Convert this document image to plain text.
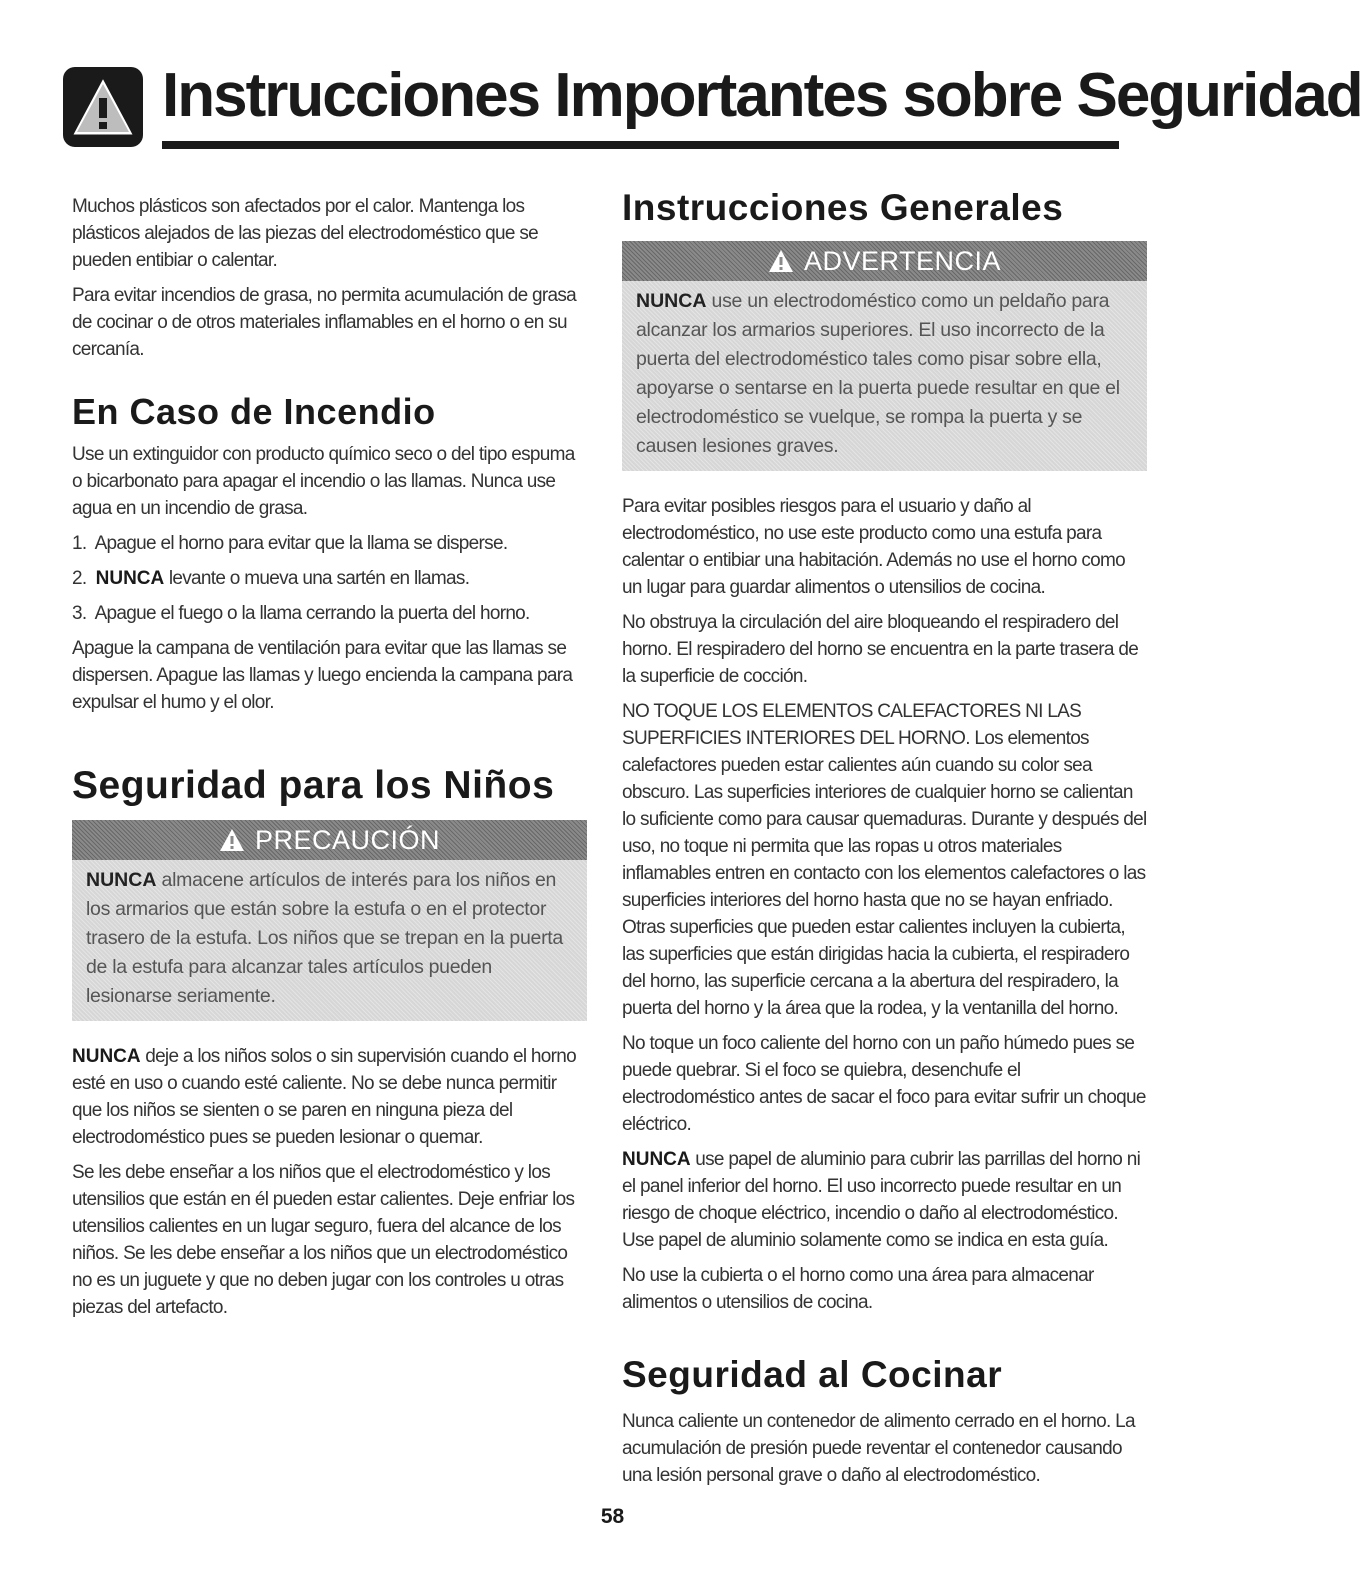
Instrucciones Importantes sobre Seguridad

Muchos plásticos son afectados por el calor. Mantenga los plásticos alejados de las piezas del electrodoméstico que se pueden entibiar o calentar.

Para evitar incendios de grasa, no permita acumulación de grasa de cocinar o de otros materiales inflamables en el horno o en su cercanía.

En Caso de Incendio

Use un extinguidor con producto químico seco o del tipo espuma o bicarbonato para apagar el incendio o las llamas. Nunca use agua en un incendio de grasa.

1. Apague el horno para evitar que la llama se disperse.
2. NUNCA levante o mueva una sartén en llamas.
3. Apague el fuego o la llama cerrando la puerta del horno.

Apague la campana de ventilación para evitar que las llamas se dispersen. Apague las llamas y luego encienda la campana para expulsar el humo y el olor.

Seguridad para los Niños
PRECAUCIÓN
NUNCA almacene artículos de interés para los niños en los armarios que están sobre la estufa o en el protector trasero de la estufa. Los niños que se trepan en la puerta de la estufa para alcanzar tales artículos pueden lesionarse seriamente.

NUNCA deje a los niños solos o sin supervisión cuando el horno esté en uso o cuando esté caliente. No se debe nunca permitir que los niños se sienten o se paren en ninguna pieza del electrodoméstico pues se pueden lesionar o quemar.

Se les debe enseñar a los niños que el electrodoméstico y los utensilios que están en él pueden estar calientes. Deje enfriar los utensilios calientes en un lugar seguro, fuera del alcance de los niños. Se les debe enseñar a los niños que un electrodoméstico no es un juguete y que no deben jugar con los controles u otras piezas del artefacto.

Instrucciones Generales
ADVERTENCIA
NUNCA use un electrodoméstico como un peldaño para alcanzar los armarios superiores. El uso incorrecto de la puerta del electrodoméstico tales como pisar sobre ella, apoyarse o sentarse en la puerta puede resultar en que el electrodoméstico se vuelque, se rompa la puerta y se causen lesiones graves.

Para evitar posibles riesgos para el usuario y daño al electrodoméstico, no use este producto como una estufa para calentar o entibiar una habitación. Además no use el horno como un lugar para guardar alimentos o utensilios de cocina.

No obstruya la circulación del aire bloqueando el respiradero del horno. El respiradero del horno se encuentra en la parte trasera de la superficie de cocción.

NO TOQUE LOS ELEMENTOS CALEFACTORES NI LAS SUPERFICIES INTERIORES DEL HORNO. Los elementos calefactores pueden estar calientes aún cuando su color sea obscuro. Las superficies interiores de cualquier horno se calientan lo suficiente como para causar quemaduras. Durante y después del uso, no toque ni permita que las ropas u otros materiales inflamables entren en contacto con los elementos calefactores o las superficies interiores del horno hasta que no se hayan enfriado. Otras superficies que pueden estar calientes incluyen la cubierta, las superficies que están dirigidas hacia la cubierta, el respiradero del horno, las superficie cercana a la abertura del respiradero, la puerta del horno y la área que la rodea, y la ventanilla del horno.

No toque un foco caliente del horno con un paño húmedo pues se puede quebrar. Si el foco se quiebra, desenchufe el electrodoméstico antes de sacar el foco para evitar sufrir un choque eléctrico.

NUNCA use papel de aluminio para cubrir las parrillas del horno ni el panel inferior del horno. El uso incorrecto puede resultar en un riesgo de choque eléctrico, incendio o daño al electrodoméstico. Use papel de aluminio solamente como se indica en esta guía.

No use la cubierta o el horno como una área para almacenar alimentos o utensilios de cocina.

Seguridad al Cocinar

Nunca caliente un contenedor de alimento cerrado en el horno. La acumulación de presión puede reventar el contenedor causando una lesión personal grave o daño al electrodoméstico.

58
